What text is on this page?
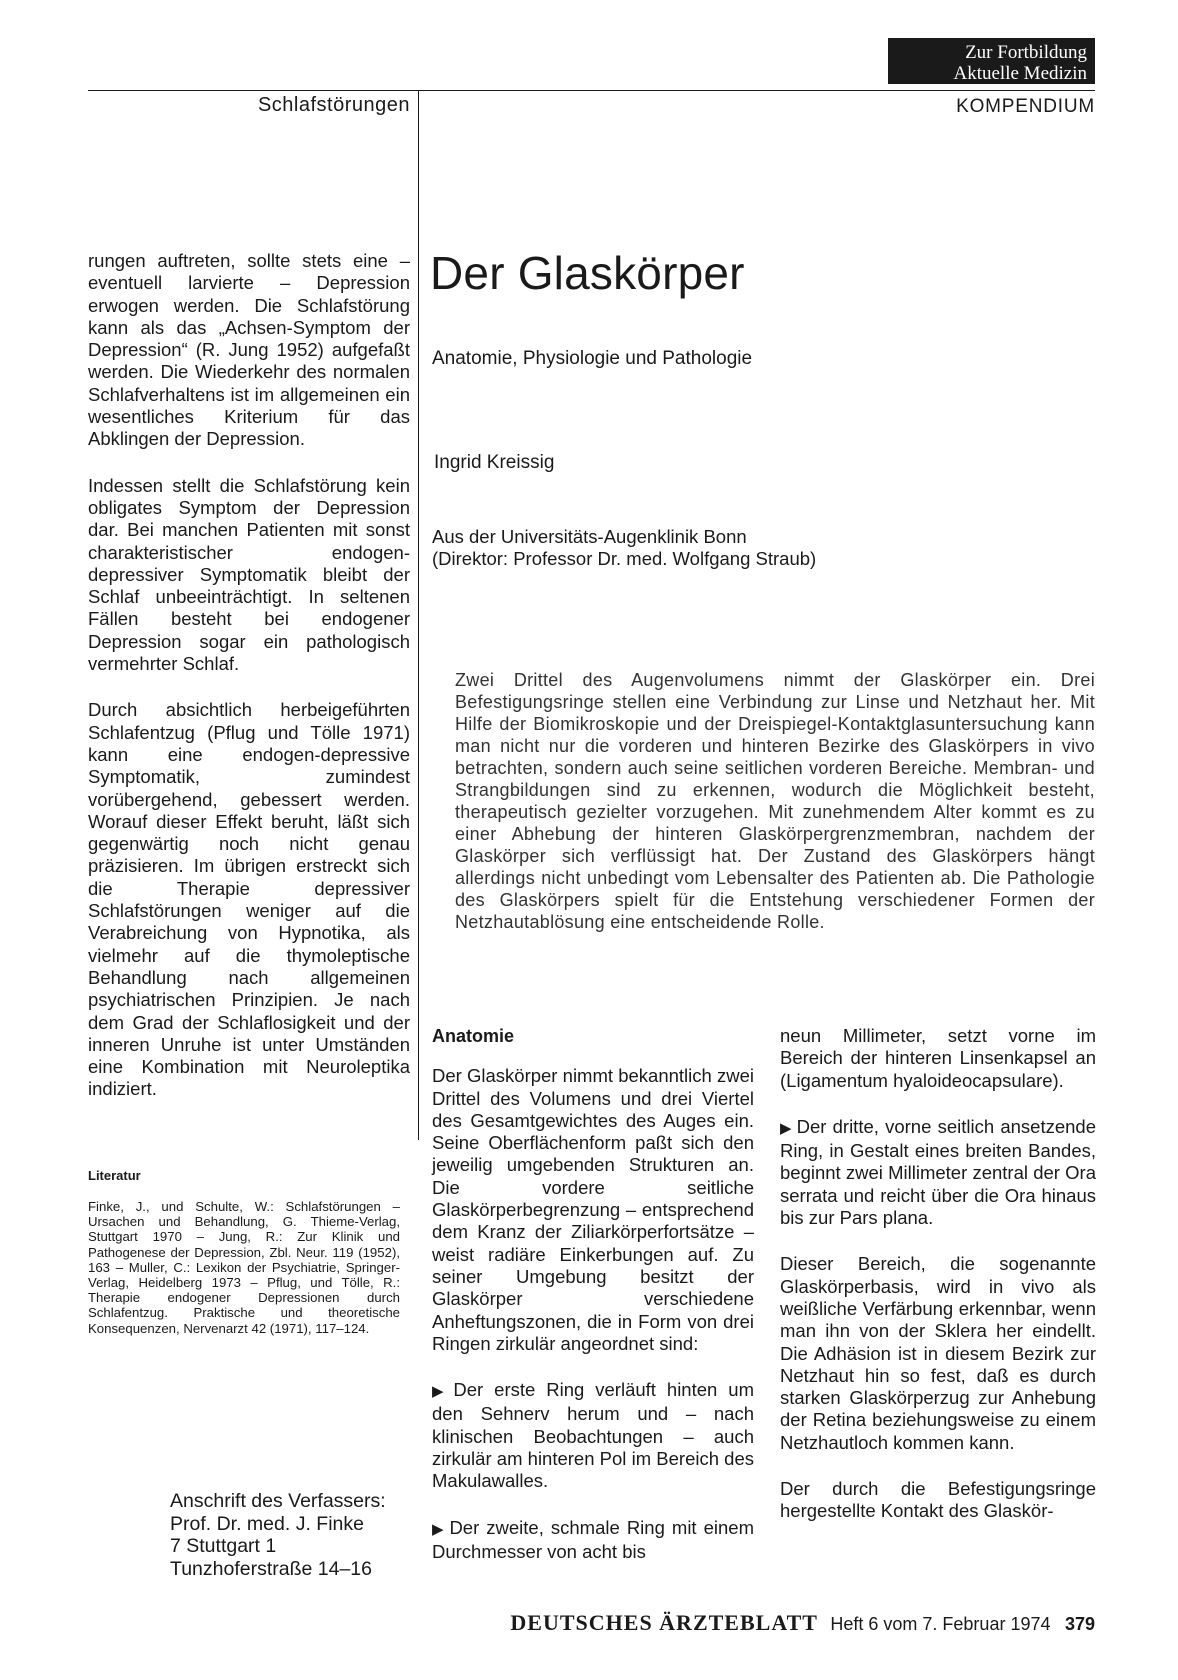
Zur Fortbildung
Aktuelle Medizin
Schlafstörungen	KOMPENDIUM

rungen auftreten, sollte stets eine – eventuell larvierte – Depression erwogen werden. Die Schlafstörung kann als das „Achsen-Symptom der Depression“ (R. Jung 1952) aufgefaßt werden. Die Wiederkehr des normalen Schlafverhaltens ist im allgemeinen ein wesentliches Kriterium für das Abklingen der Depression.

Indessen stellt die Schlafstörung kein obligates Symptom der Depression dar. Bei manchen Patienten mit sonst charakteristischer endogen-depressiver Symptomatik bleibt der Schlaf unbeeinträchtigt. In seltenen Fällen besteht bei endogener Depression sogar ein pathologisch vermehrter Schlaf.

Durch absichtlich herbeigeführten Schlafentzug (Pflug und Tölle 1971) kann eine endogen-depressive Symptomatik, zumindest vorübergehend, gebessert werden. Worauf dieser Effekt beruht, läßt sich gegenwärtig noch nicht genau präzisieren. Im übrigen erstreckt sich die Therapie depressiver Schlafstörungen weniger auf die Verabreichung von Hypnotika, als vielmehr auf die thymoleptische Behandlung nach allgemeinen psychiatrischen Prinzipien. Je nach dem Grad der Schlaflosigkeit und der inneren Unruhe ist unter Umständen eine Kombination mit Neuroleptika indiziert.

Literatur
Finke, J., und Schulte, W.: Schlafstörungen – Ursachen und Behandlung, G. Thieme-Verlag, Stuttgart 1970 – Jung, R.: Zur Klinik und Pathogenese der Depression, Zbl. Neur. 119 (1952), 163 – Muller, C.: Lexikon der Psychiatrie, Springer-Verlag, Heidelberg 1973 – Pflug, und Tölle, R.: Therapie endogener Depressionen durch Schlafentzug. Praktische und theoretische Konsequenzen, Nervenarzt 42 (1971), 117–124.
Anschrift des Verfassers:
Prof. Dr. med. J. Finke
7 Stuttgart 1
Tunzhoferstraße 14–16
Der Glaskörper
Anatomie, Physiologie und Pathologie
Ingrid Kreissig
Aus der Universitäts-Augenklinik Bonn
(Direktor: Professor Dr. med. Wolfgang Straub)
Zwei Drittel des Augenvolumens nimmt der Glaskörper ein. Drei Befestigungsringe stellen eine Verbindung zur Linse und Netzhaut her. Mit Hilfe der Biomikroskopie und der Dreispiegel-Kontaktglasuntersuchung kann man nicht nur die vorderen und hinteren Bezirke des Glaskörpers in vivo betrachten, sondern auch seine seitlichen vorderen Bereiche. Membran- und Strangbildungen sind zu erkennen, wodurch die Möglichkeit besteht, therapeutisch gezielter vorzugehen. Mit zunehmendem Alter kommt es zu einer Abhebung der hinteren Glaskörpergrenzmembran, nachdem der Glaskörper sich verflüssigt hat. Der Zustand des Glaskörpers hängt allerdings nicht unbedingt vom Lebensalter des Patienten ab. Die Pathologie des Glaskörpers spielt für die Entstehung verschiedener Formen der Netzhautablösung eine entscheidende Rolle.

Anatomie

Der Glaskörper nimmt bekanntlich zwei Drittel des Volumens und drei Viertel des Gesamtgewichtes des Auges ein. Seine Oberflächenform paßt sich den jeweilig umgebenden Strukturen an. Die vordere seitliche Glaskörperbegrenzung – entsprechend dem Kranz der Ziliarkörperfortsätze – weist radiäre Einkerbungen auf. Zu seiner Umgebung besitzt der Glaskörper verschiedene Anheftungszonen, die in Form von drei Ringen zirkulär angeordnet sind:

▶ Der erste Ring verläuft hinten um den Sehnerv herum und – nach klinischen Beobachtungen – auch zirkulär am hinteren Pol im Bereich des Makulawalles.

▶ Der zweite, schmale Ring mit einem Durchmesser von acht bis

neun Millimeter, setzt vorne im Bereich der hinteren Linsenkapsel an (Ligamentum hyaloideocapsulare).

▶ Der dritte, vorne seitlich ansetzende Ring, in Gestalt eines breiten Bandes, beginnt zwei Millimeter zentral der Ora serrata und reicht über die Ora hinaus bis zur Pars plana.

Dieser Bereich, die sogenannte Glaskörperbasis, wird in vivo als weißliche Verfärbung erkennbar, wenn man ihn von der Sklera her eindellt. Die Adhäsion ist in diesem Bezirk zur Netzhaut hin so fest, daß es durch starken Glaskörperzug zur Anhebung der Retina beziehungsweise zu einem Netzhautloch kommen kann.

Der durch die Befestigungsringe hergestellte Kontakt des Glaskör-

DEUTSCHES ÄRZTEBLATT Heft 6 vom 7. Februar 1974 379
